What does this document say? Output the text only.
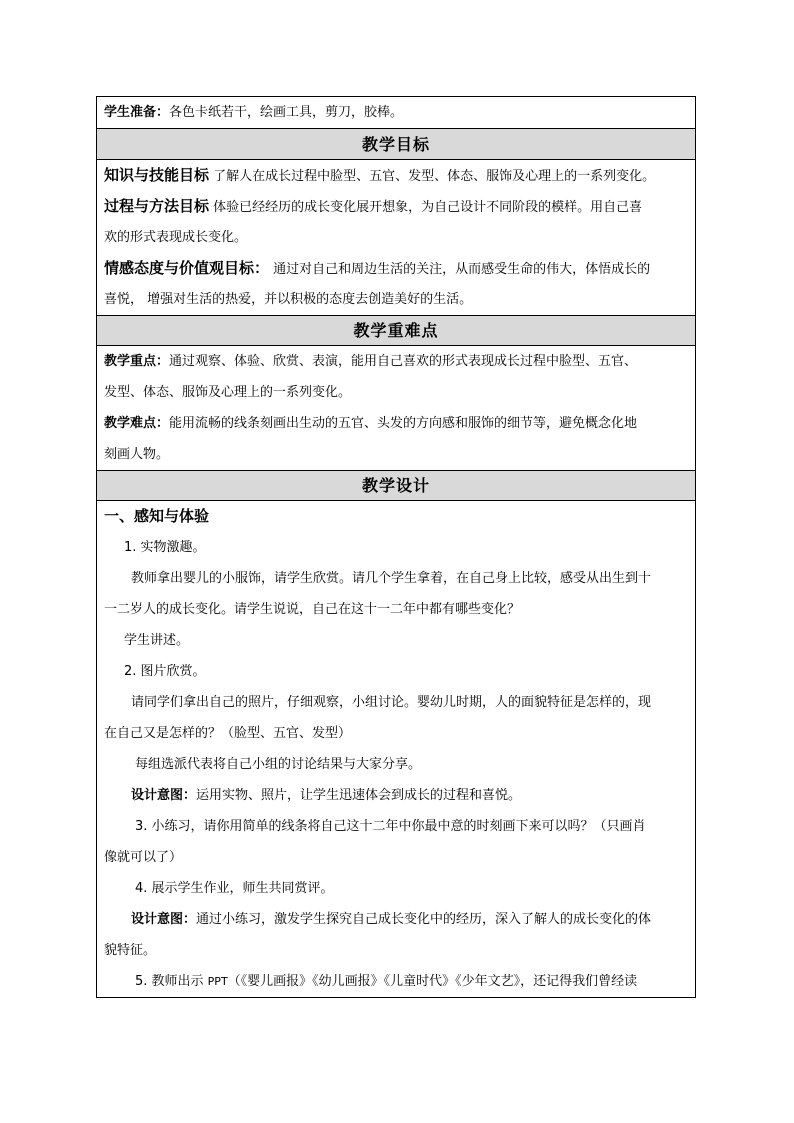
学生准备：各色卡纸若干，绘画工具，剪刀，胶棒。
教学目标
知识与技能目标 了解人在成长过程中脸型、五官、发型、体态、服饰及心理上的一系列变化。
过程与方法目标 体验已经经历的成长变化展开想象，为自己设计不同阶段的模样。用自己喜
欢的形式表现成长变化。
情感态度与价值观目标： 通过对自己和周边生活的关注，从而感受生命的伟大，体悟成长的
喜悦， 增强对生活的热爱，并以积极的态度去创造美好的生活。
教学重难点
教学重点：通过观察、体验、欣赏、表演，能用自己喜欢的形式表现成长过程中脸型、五官、
发型、体态、服饰及心理上的一系列变化。
教学难点：能用流畅的线条刻画出生动的五官、头发的方向感和服饰的细节等，避免概念化地
刻画人物。
教学设计
一、感知与体验
1. 实物激趣。
教师拿出婴儿的小服饰，请学生欣赏。请几个学生拿着，在自己身上比较，感受从出生到十
一二岁人的成长变化。请学生说说，自己在这十一二年中都有哪些变化？
学生讲述。
2. 图片欣赏。
请同学们拿出自己的照片，仔细观察，小组讨论。婴幼儿时期，人的面貌特征是怎样的，现
在自己又是怎样的？（脸型、五官、发型）
每组选派代表将自己小组的讨论结果与大家分享。
设计意图：运用实物、照片，让学生迅速体会到成长的过程和喜悦。
3. 小练习，请你用简单的线条将自己这十二年中你最中意的时刻画下来可以吗？（只画肖
像就可以了）
4. 展示学生作业，师生共同赏评。
设计意图：通过小练习，激发学生探究自己成长变化中的经历，深入了解人的成长变化的体
貌特征。
5. 教师出示 PPT（《婴儿画报》《幼儿画报》《儿童时代》《少年文艺》，还记得我们曾经读
